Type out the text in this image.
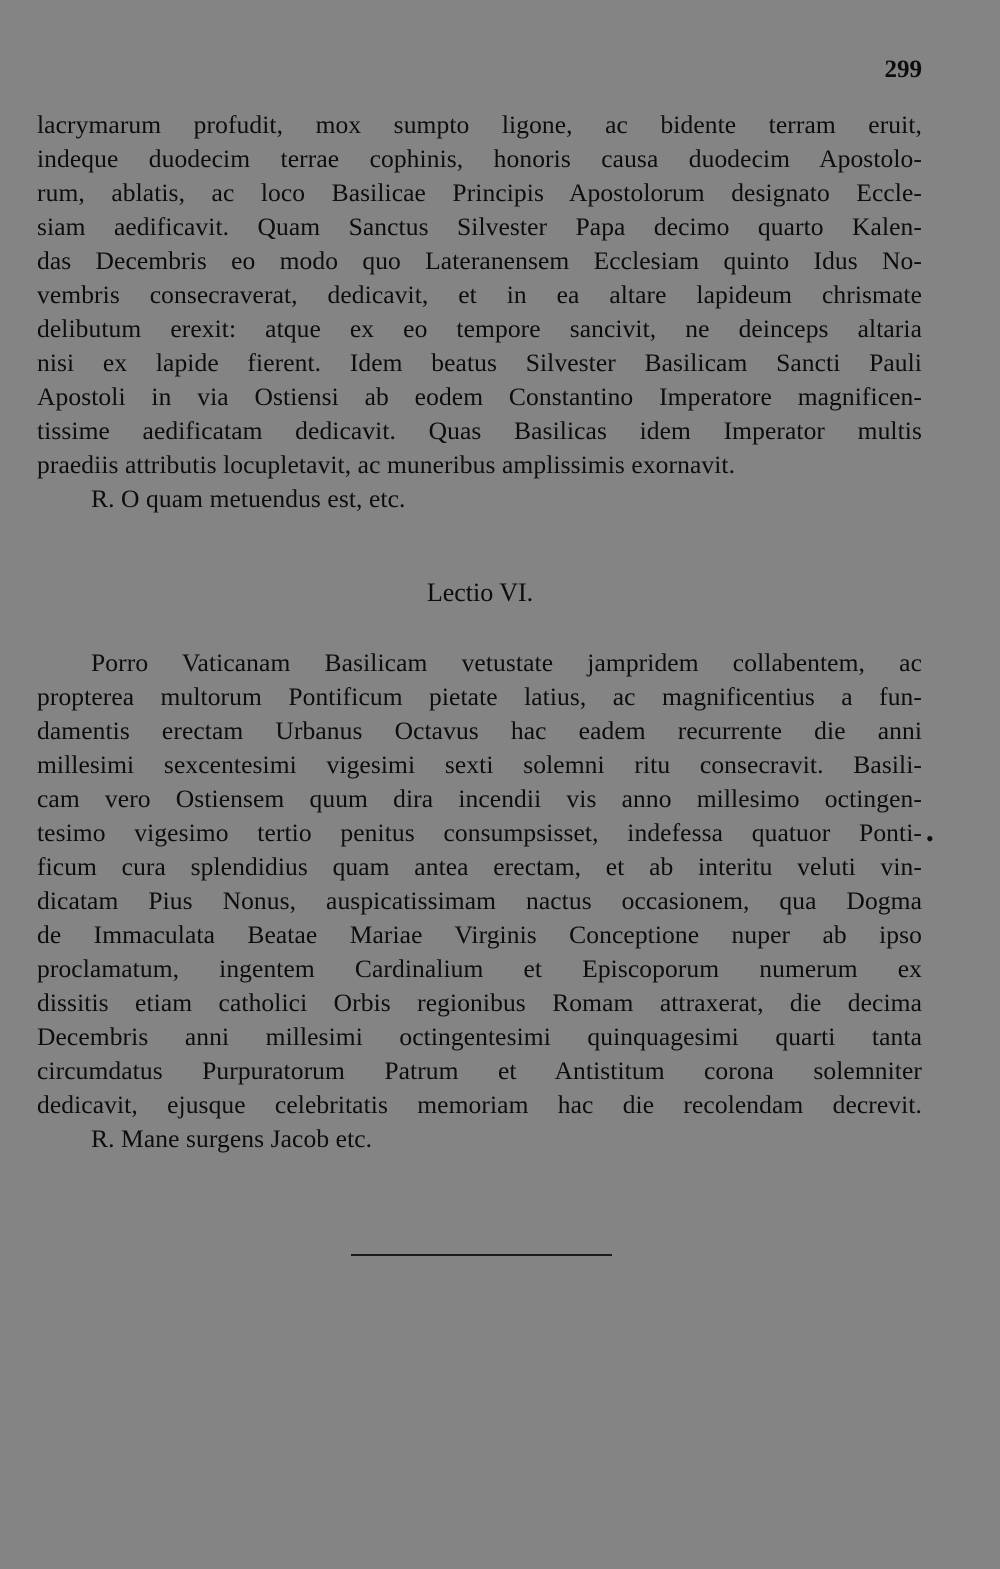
299
lacrymarum profudit, mox sumpto ligone, ac bidente terram eruit,
indeque duodecim terrae cophinis, honoris causa duodecim Apostolo-
rum, ablatis, ac loco Basilicae Principis Apostolorum designato Eccle-
siam aedificavit. Quam Sanctus Silvester Papa decimo quarto Kalen-
das Decembris eo modo quo Lateranensem Ecclesiam quinto Idus No-
vembris consecraverat, dedicavit, et in ea altare lapideum chrismate
delibutum erexit: atque ex eo tempore sancivit, ne deinceps altaria
nisi ex lapide fierent. Idem beatus Silvester Basilicam Sancti Pauli
Apostoli in via Ostiensi ab eodem Constantino Imperatore magnificen-
tissime aedificatam dedicavit. Quas Basilicas idem Imperator multis
praediis attributis locupletavit, ac muneribus amplissimis exornavit.
R. O quam metuendus est, etc.
Lectio VI.
Porro Vaticanam Basilicam vetustate jampridem collabentem, ac
propterea multorum Pontificum pietate latius, ac magnificentius a fun-
damentis erectam Urbanus Octavus hac eadem recurrente die anni
millesimi sexcentesimi vigesimi sexti solemni ritu consecravit. Basili-
cam vero Ostiensem quum dira incendii vis anno millesimo octingen-
tesimo vigesimo tertio penitus consumpsisset, indefessa quatuor Ponti-
ficum cura splendidius quam antea erectam, et ab interitu veluti vin-
dicatam Pius Nonus, auspicatissimam nactus occasionem, qua Dogma
de Immaculata Beatae Mariae Virginis Conceptione nuper ab ipso
proclamatum, ingentem Cardinalium et Episcoporum numerum ex
dissitis etiam catholici Orbis regionibus Romam attraxerat, die decima
Decembris anni millesimi octingentesimi quinquagesimi quarti tanta
circumdatus Purpuratorum Patrum et Antistitum corona solemniter
dedicavit, ejusque celebritatis memoriam hac die recolendam decrevit.
R. Mane surgens Jacob etc.
•
